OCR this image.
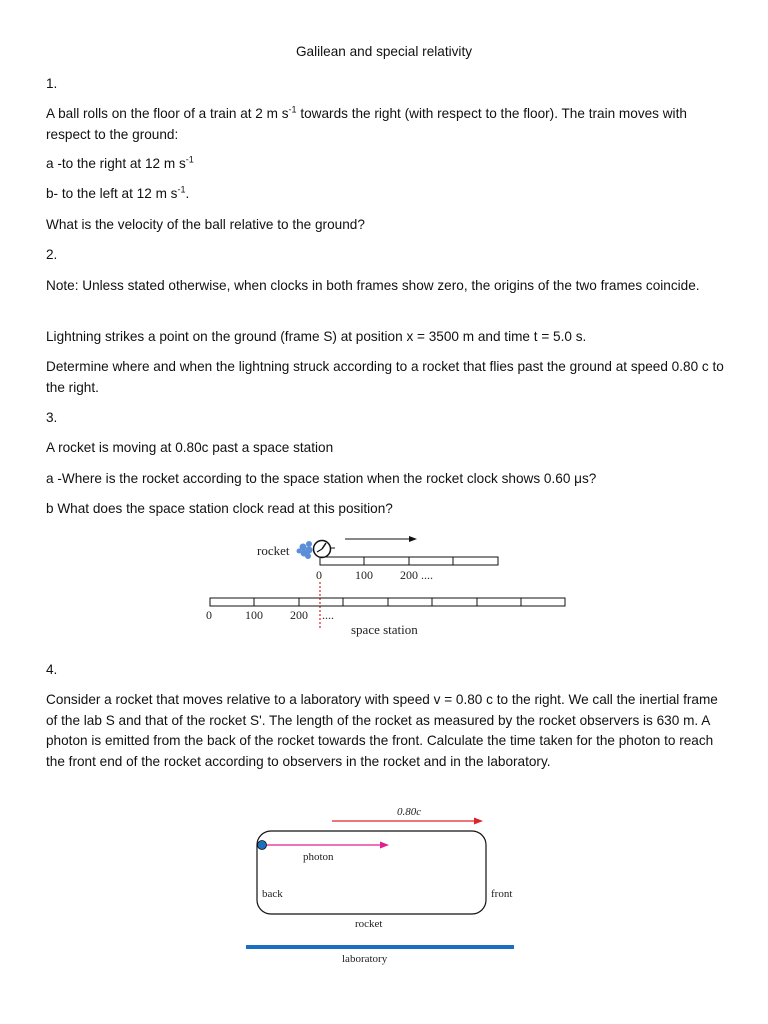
Galilean and special relativity
1.
A ball rolls on the floor of a train at 2 m $s^{-1}$ towards the right (with respect to the floor). The train moves with respect to the ground:
a -to the right at 12 m $s^{-1}$
b- to the left at 12 m $s^{-1}$.
What is the velocity of the ball relative to the ground?
2.
Note: Unless stated otherwise, when clocks in both frames show zero, the origins of the two frames coincide.
Lightning strikes a point on the ground (frame S) at position x = 3500 m and time t = 5.0 s.
Determine where and when the lightning struck according to a rocket that flies past the ground at speed 0.80 c to the right.
3.
A rocket is moving at 0.80c past a space station
a -Where is the rocket according to the space station when the rocket clock shows 0.60 μs?
b What does the space station clock read at this position?
rocket
0	100 200 ....
0	100 200 ....
space station
4.
Consider a rocket that moves relative to a laboratory with speed v = 0.80 c to the right. We call the inertial frame of the lab S and that of the rocket S'. The length of the rocket as measured by the rocket observers is 630 m. A photon is emitted from the back of the rocket towards the front. Calculate the time taken for the photon to reach the front end of the rocket according to observers in the rocket and in the laboratory.
0.80c
photon
back	front
rocket
laboratory
